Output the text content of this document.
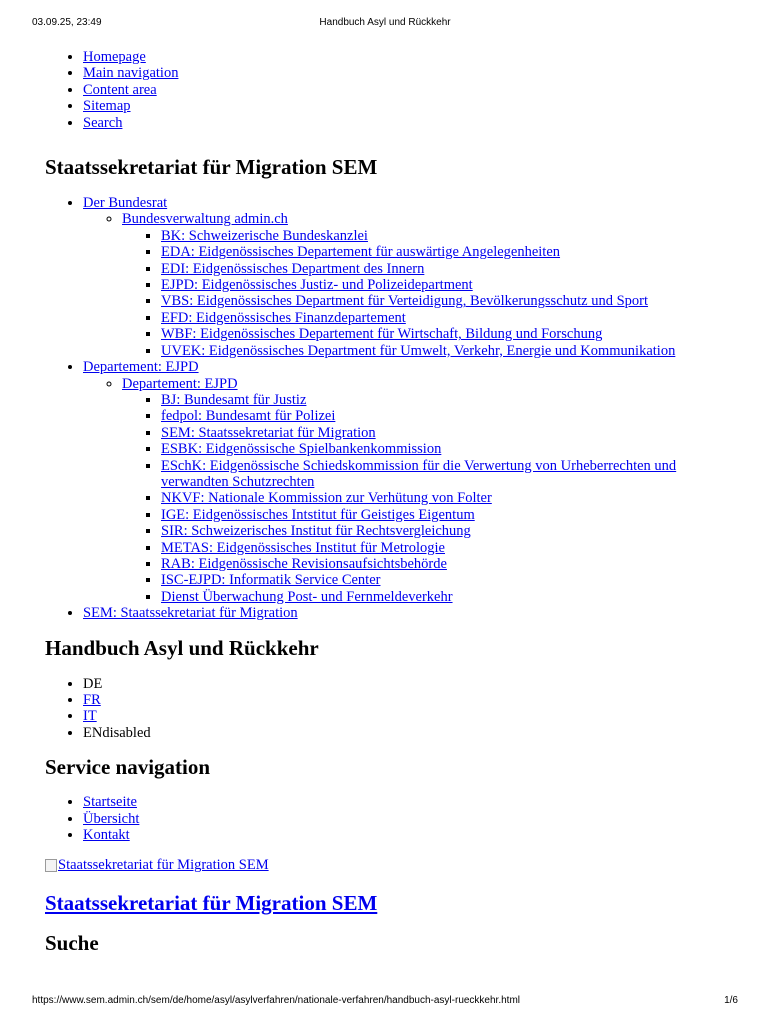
03.09.25, 23:49	Handbuch Asyl und Rückkehr
• Homepage
• Main navigation
• Content area
• Sitemap
• Search
Staatssekretariat für Migration SEM
• Der Bundesrat
◦ Bundesverwaltung admin.ch
▪ BK: Schweizerische Bundeskanzlei
▪ EDA: Eidgenössisches Departement für auswärtige Angelegenheiten
▪ EDI: Eidgenössisches Department des Innern
▪ EJPD: Eidgenössisches Justiz- und Polizeidepartment
▪ VBS: Eidgenössisches Department für Verteidigung, Bevölkerungsschutz und Sport
▪ EFD: Eidgenössisches Finanzdepartement
▪ WBF: Eidgenössisches Departement für Wirtschaft, Bildung und Forschung
▪ UVEK: Eidgenössisches Department für Umwelt, Verkehr, Energie und Kommunikation
• Departement: EJPD
◦ Departement: EJPD
▪ BJ: Bundesamt für Justiz
▪ fedpol: Bundesamt für Polizei
▪ SEM: Staatssekretariat für Migration
▪ ESBK: Eidgenössische Spielbankenkommission
▪ ESchK: Eidgenössische Schiedskommission für die Verwertung von Urheberrechten und verwandten Schutzrechten
▪ NKVF: Nationale Kommission zur Verhütung von Folter
▪ IGE: Eidgenössisches Intstitut für Geistiges Eigentum
▪ SIR: Schweizerisches Institut für Rechtsvergleichung
▪ METAS: Eidgenössisches Institut für Metrologie
▪ RAB: Eidgenössische Revisionsaufsichtsbehörde
▪ ISC-EJPD: Informatik Service Center
▪ Dienst Überwachung Post- und Fernmeldeverkehr
• SEM: Staatssekretariat für Migration
Handbuch Asyl und Rückkehr
• DE
• FR
• IT
• ENdisabled
Service navigation
• Startseite
• Übersicht
• Kontakt
Staatssekretariat für Migration SEM
Staatssekretariat für Migration SEM
Suche
https://www.sem.admin.ch/sem/de/home/asyl/asylverfahren/nationale-verfahren/handbuch-asyl-rueckkehr.html	1/6
